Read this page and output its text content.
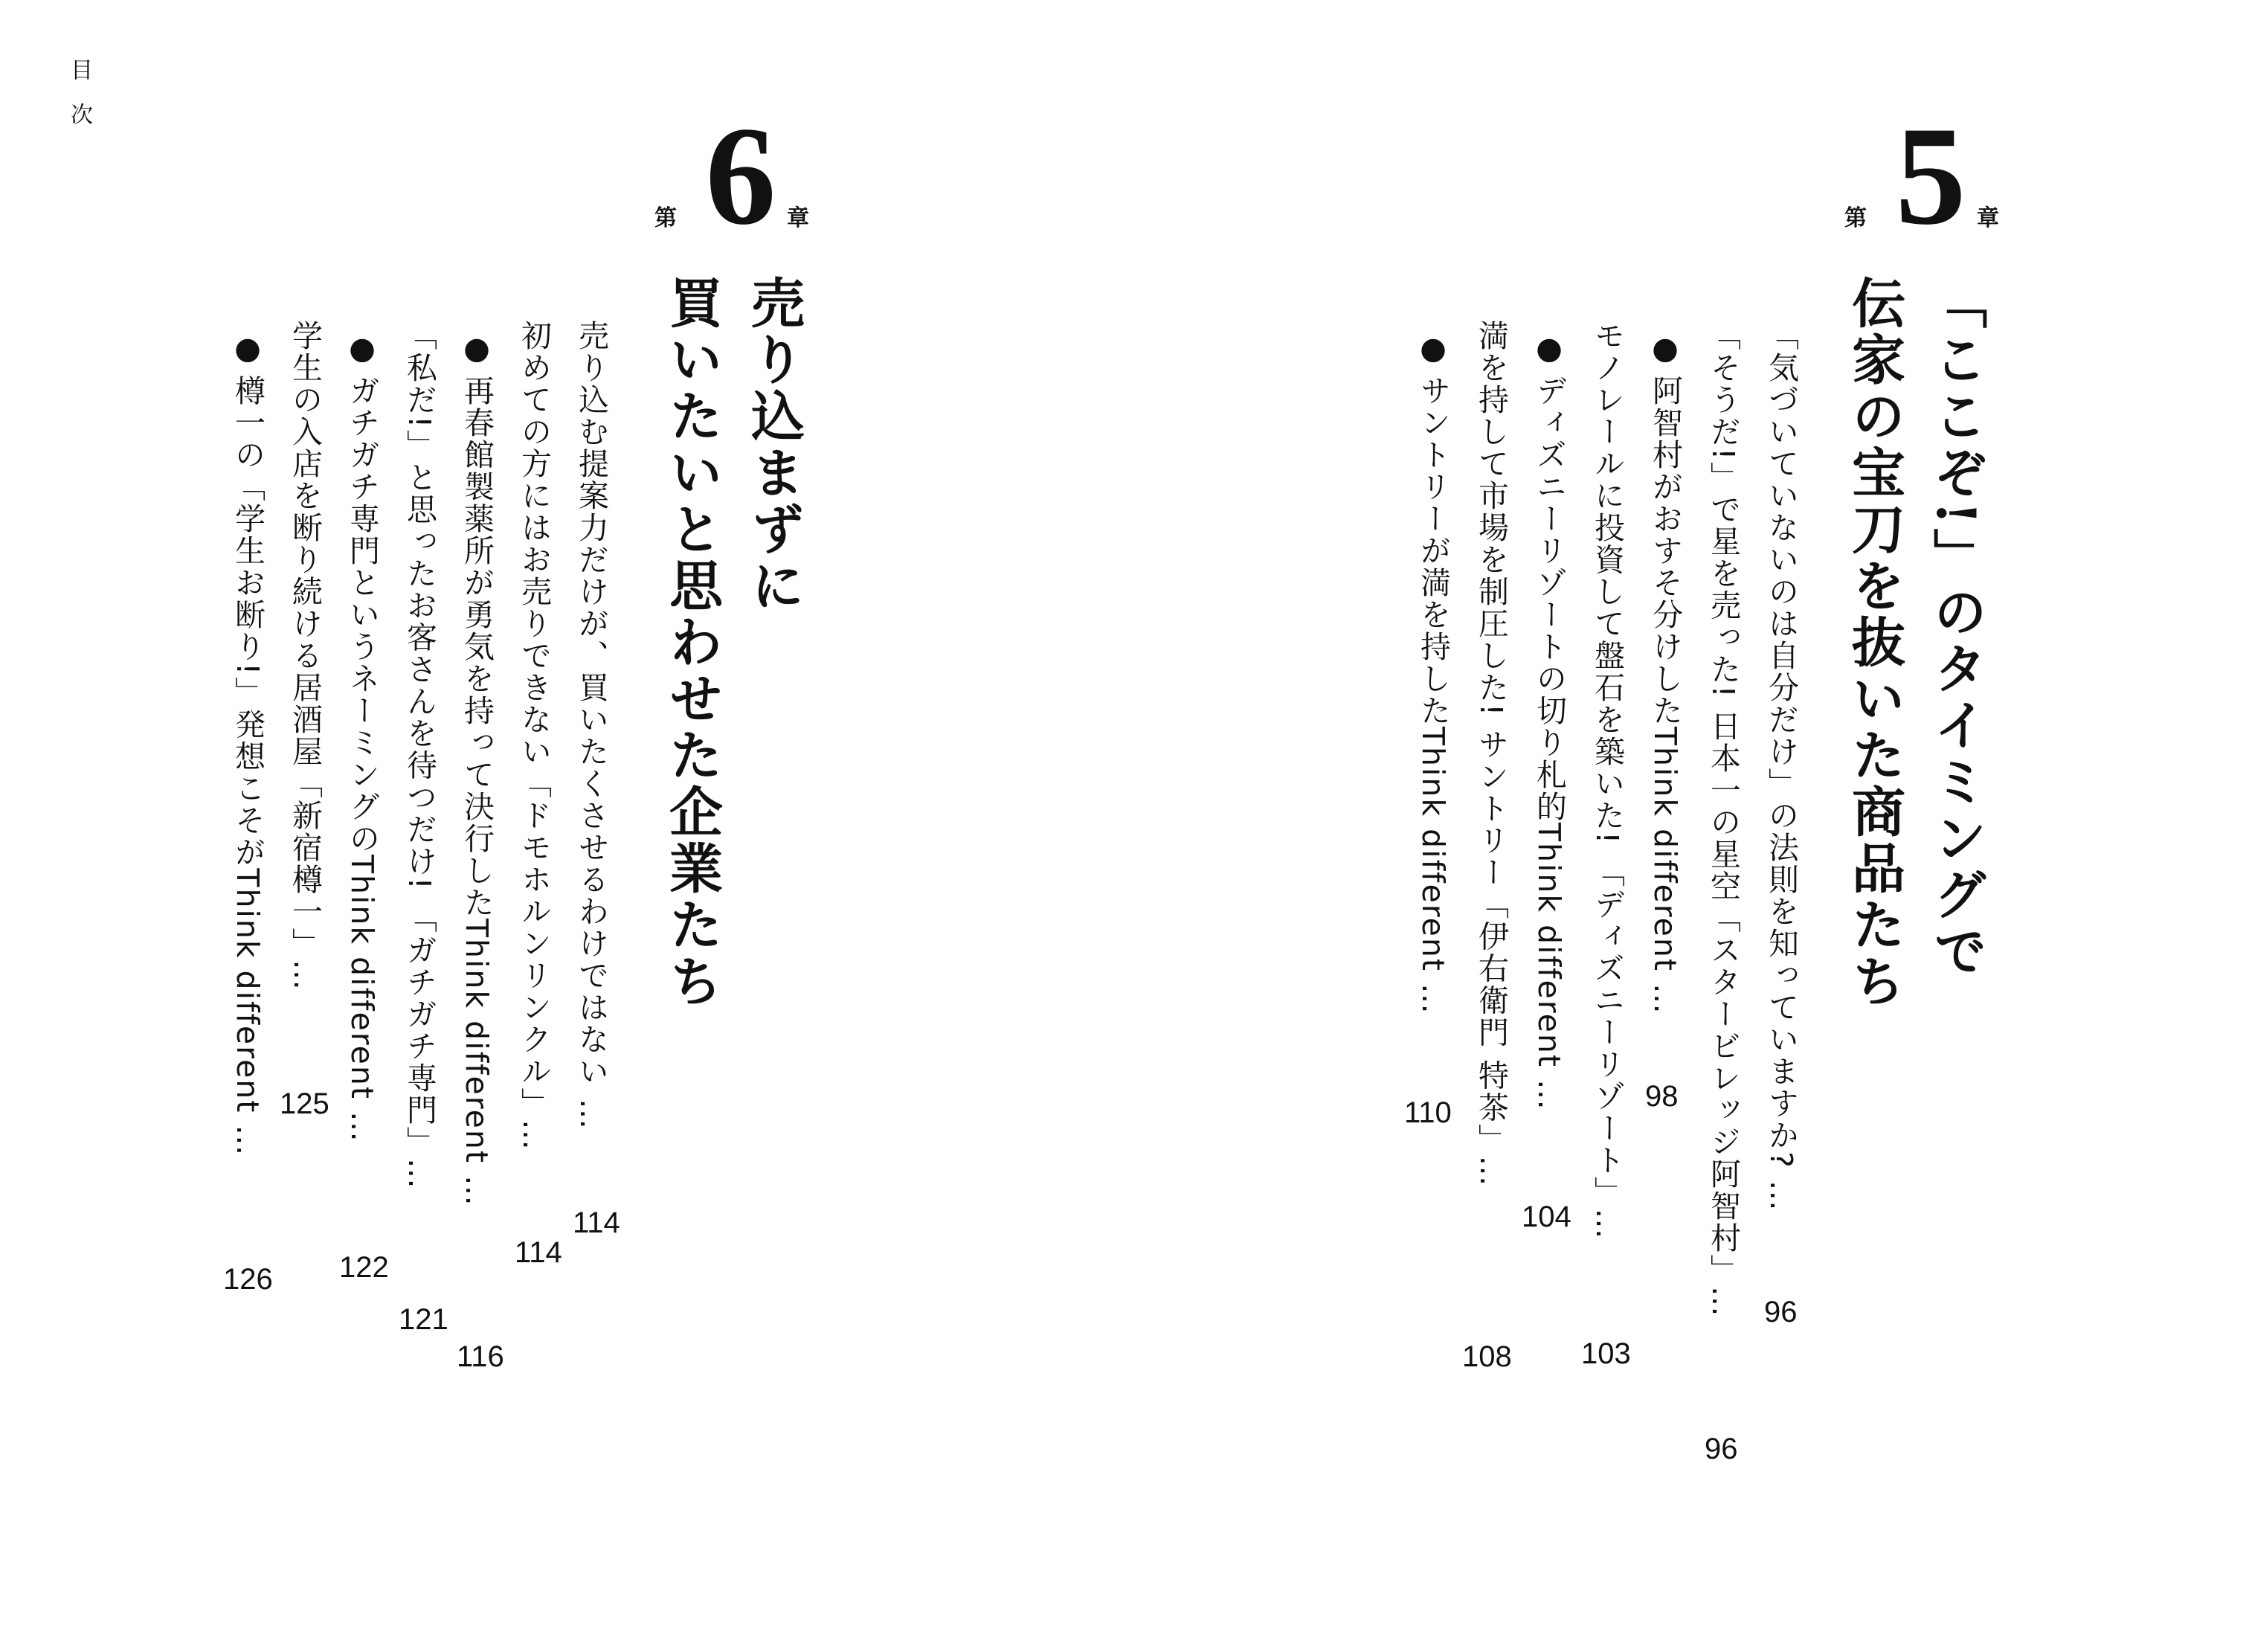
目次
第 6 章
売り込まずに
買いたいと思わせた企業たち
売り込む提案力だけが、買いたくさせるわけではない …
114
初めての方にはお売りできない「ドモホルンリンクル」…
114
●再春館製薬所が勇気を持って決行したThink different …
116
「私だ!」と思ったお客さんを待つだけ! 「ガチガチ専門」…
121
●ガチガチ専門というネーミングのThink different …
122
学生の入店を断り続ける居酒屋「新宿樽一」…
125
●樽一の「学生お断り!」発想こそがThink different …
126
第 5 章
「ここぞ!」のタイミングで
伝家の宝刀を抜いた商品たち
「気づいていないのは自分だけ」の法則を知っていますか? …
96
「そうだ!」で星を売った! 日本一の星空「スタービレッジ阿智村」…
96
●阿智村がおすそ分けしたThink different …
98
モノレールに投資して盤石を築いた! 「ディズニーリゾート」…
103
●ディズニーリゾートの切り札的Think different …
104
満を持して市場を制圧した! サントリー「伊右衛門 特茶」…
108
●サントリーが満を持したThink different …
110
